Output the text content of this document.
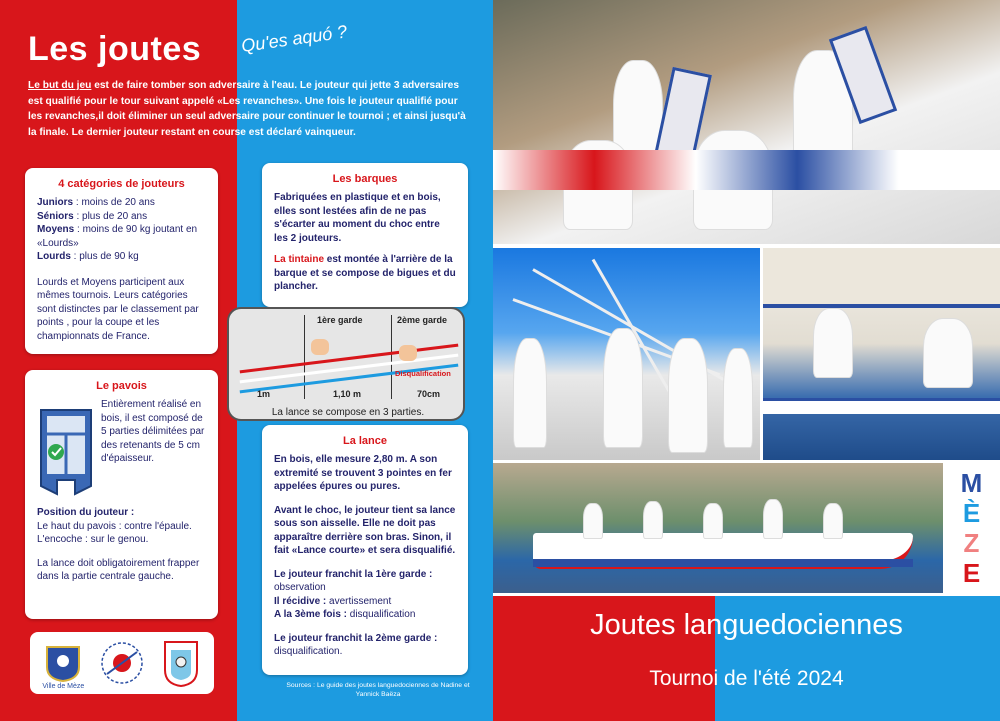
Les joutes Qu'es aquó ?
Le but du jeu est de faire tomber son adversaire à l'eau. Le jouteur qui jette 3 adversaires est qualifié pour le tour suivant appelé «Les revanches». Une fois le jouteur qualifié pour les revanches,il doit éliminer un seul adversaire pour continuer le tournoi ; et ainsi jusqu'à la finale. Le dernier jouteur restant en course est déclaré vainqueur.
4 catégories de jouteurs
Juniors : moins de 20 ans
Séniors : plus de 20 ans
Moyens : moins de 90 kg joutant en «Lourds»
Lourds : plus de 90 kg
Lourds et Moyens participent aux mêmes tournois. Leurs catégories sont distinctes par le classement par points , pour la coupe et les championnats de France.
Le pavois
Entièrement réalisé en bois, il est composé de 5 parties délimitées par des retenants de 5 cm d'épaisseur.
Position du jouteur :
Le haut du pavois : contre l'épaule.
L'encoche : sur le genou.
La lance doit obligatoirement frapper dans la partie centrale gauche.
Les barques
Fabriquées en plastique et en bois, elles sont lestées afin de ne pas s'écarter au moment du choc entre les 2 jouteurs.
La tintaine est montée à l'arrière de la barque et se compose de bigues et du plancher.
1ère garde	2ème garde
Disqualification
1m	1,10 m	70cm
La lance se compose en 3 parties.
La lance
En bois, elle mesure 2,80 m. A son extremité se trouvent 3 pointes en fer appelées épures ou pures.
Avant le choc, le jouteur tient sa lance sous son aisselle. Elle ne doit pas apparaître derrière son bras. Sinon, il fait «Lance courte» et sera disqualifié.
Le jouteur franchit la 1ère garde :
observation
Il récidive : avertissement
A la 3ème fois : disqualification
Le jouteur franchit la 2ème garde :
disqualification.
Ville de Mèze	Sources : Le guide des joutes languedociennes de Nadine et Yannick Baëza
M
È
Z
E
Joutes languedociennes
Tournoi de l'été 2024
